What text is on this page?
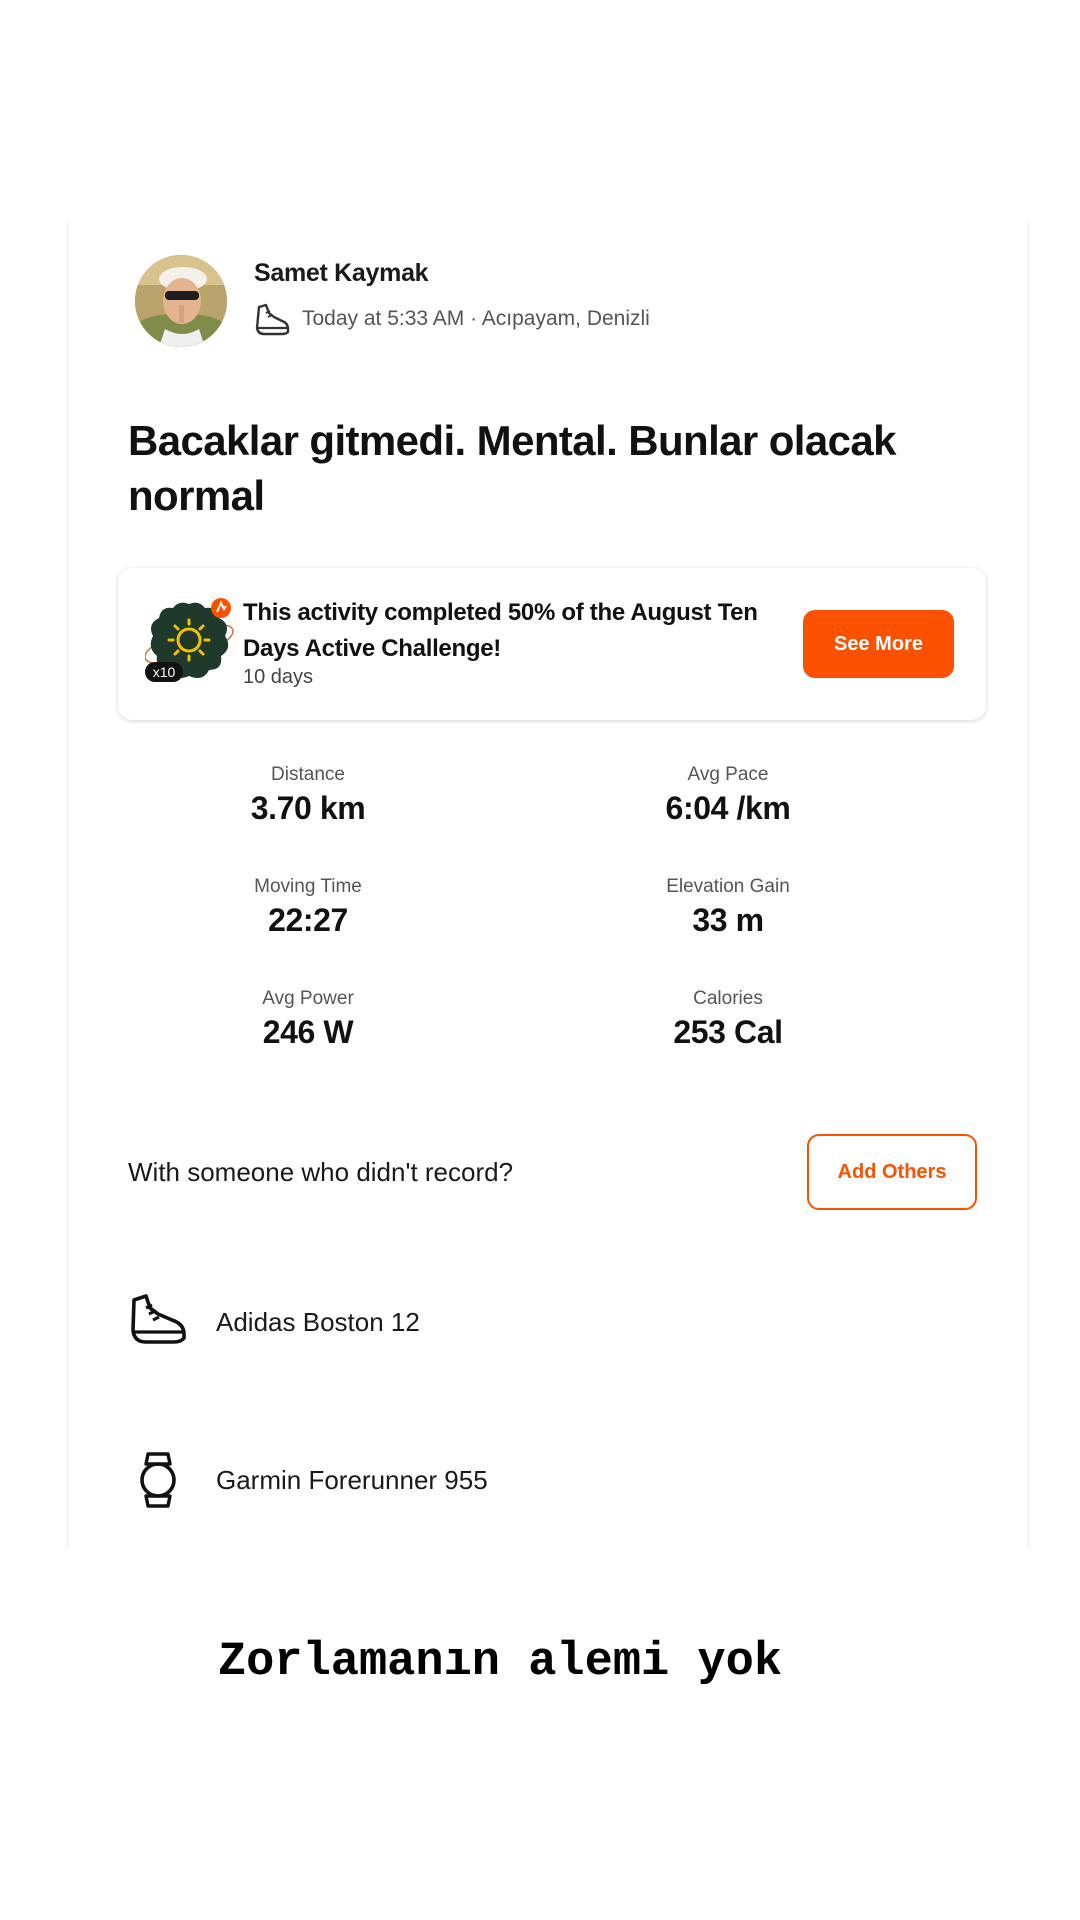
Samet Kaymak
Today at 5:33 AM · Acıpayam, Denizli
Bacaklar gitmedi. Mental. Bunlar olacak normal
x10
This activity completed 50% of the August Ten Days Active Challenge!
10 days
See More
Distance
3.70 km
Avg Pace
6:04 /km
Moving Time
22:27
Elevation Gain
33 m
Avg Power
246 W
Calories
253 Cal
With someone who didn't record?	Add Others
Adidas Boston 12
Garmin Forerunner 955
Zorlamanın alemi yok
